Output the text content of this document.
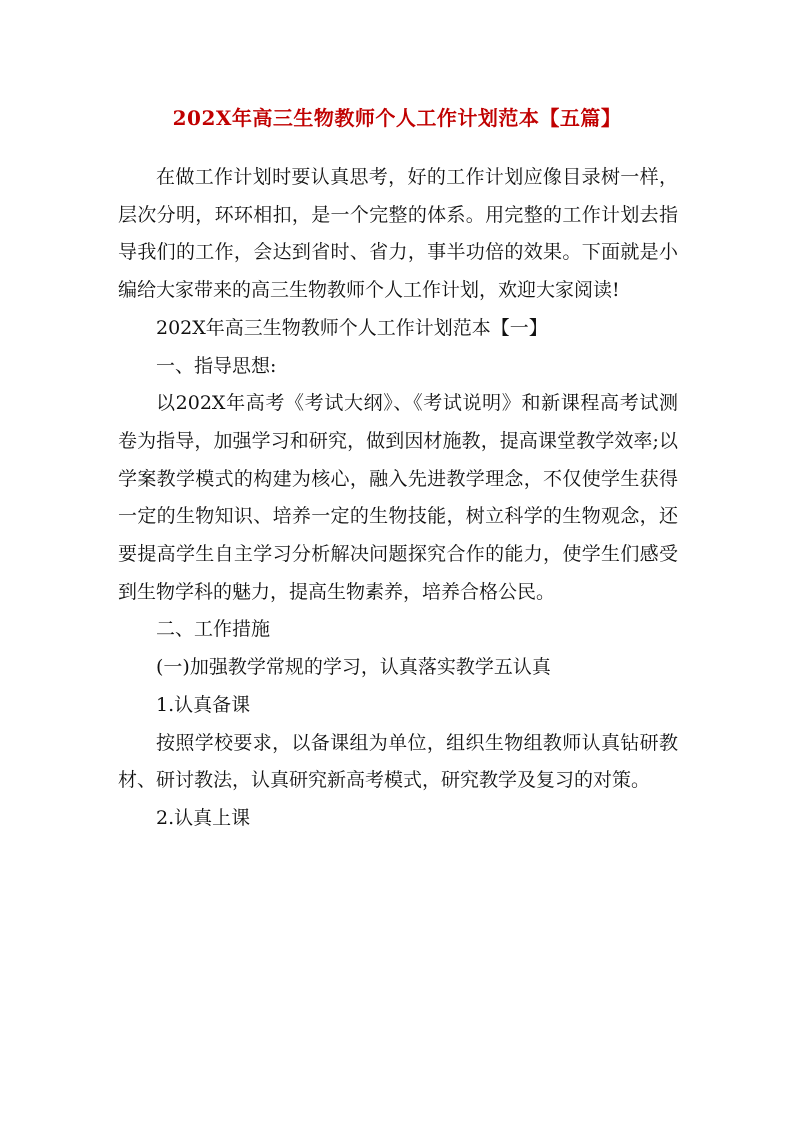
202X年高三生物教师个人工作计划范本【五篇】

在做工作计划时要认真思考，好的工作计划应像目录树一样，层次分明，环环相扣，是一个完整的体系。用完整的工作计划去指导我们的工作，会达到省时、省力，事半功倍的效果。下面就是小编给大家带来的高三生物教师个人工作计划，欢迎大家阅读!

202X年高三生物教师个人工作计划范本【一】

一、指导思想:

以202X年高考《考试大纲》、《考试说明》和新课程高考试测卷为指导，加强学习和研究，做到因材施教，提高课堂教学效率;以学案教学模式的构建为核心，融入先进教学理念，不仅使学生获得一定的生物知识、培养一定的生物技能，树立科学的生物观念，还要提高学生自主学习分析解决问题探究合作的能力，使学生们感受到生物学科的魅力，提高生物素养，培养合格公民。

二、工作措施

(一)加强教学常规的学习，认真落实教学五认真

1.认真备课

按照学校要求，以备课组为单位，组织生物组教师认真钻研教材、研讨教法，认真研究新高考模式，研究教学及复习的对策。

2.认真上课
